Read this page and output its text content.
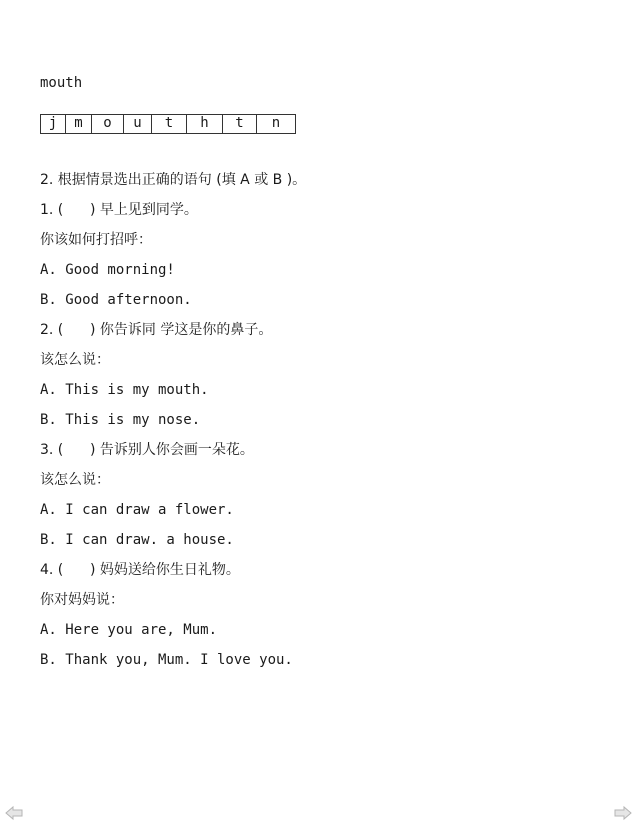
mouth
j	m	o	u	t	h	t	n
2. 根据情景选出正确的语句 (填 A 或 B )。
1. (      ) 早上见到同学。
你该如何打招呼：
A. Good morning!
B. Good afternoon.
2. (      ) 你告诉同 学这是你的鼻子。
该怎么说：
A. This is my mouth.
B. This is my nose.
3. (      ) 告诉别人你会画一朵花。
该怎么说：
A. I can draw a flower.
B. I can draw. a house.
4. (      ) 妈妈送给你生日礼物。
你对妈妈说：
A. Here you are, Mum.
B. Thank you, Mum. I love you.
